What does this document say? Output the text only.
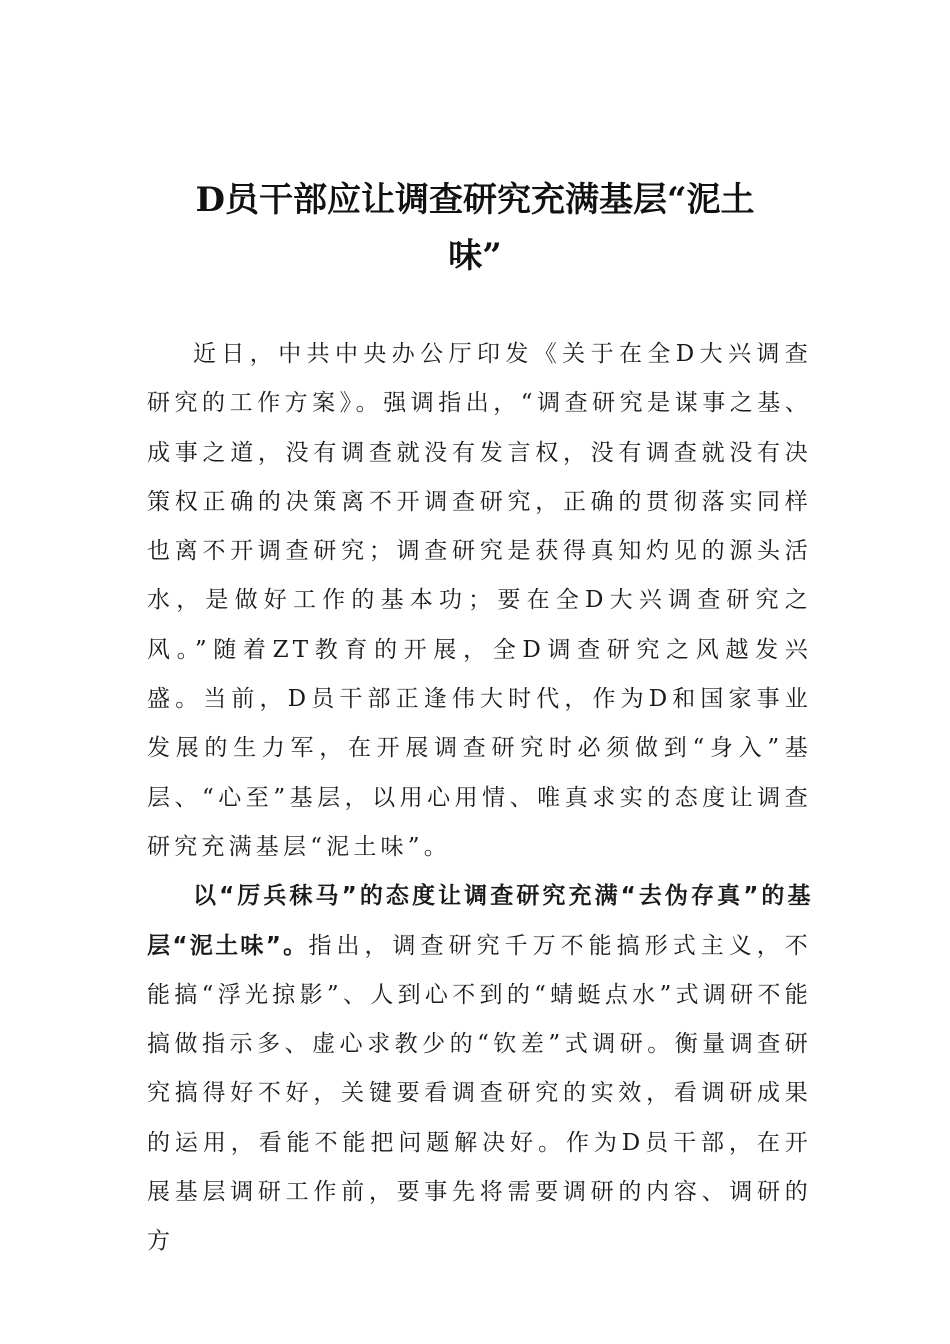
D员干部应让调查研究充满基层“泥土味”

近日，中共中央办公厅印发《关于在全D大兴调查研究的工作方案》。强调指出，“调查研究是谋事之基、成事之道，没有调查就没有发言权，没有调查就没有决策权正确的决策离不开调查研究，正确的贯彻落实同样也离不开调查研究；调查研究是获得真知灼见的源头活水，是做好工作的基本功；要在全D大兴调查研究之风。”随着ZT教育的开展，全D调查研究之风越发兴盛。当前，D员干部正逢伟大时代，作为D和国家事业发展的生力军，在开展调查研究时必须做到“身入”基层、“心至”基层，以用心用情、唯真求实的态度让调查研究充满基层“泥土味”。

以“厉兵秣马”的态度让调查研究充满“去伪存真”的基层“泥土味”。指出，调查研究千万不能搞形式主义，不能搞“浮光掠影”、人到心不到的“蜻蜓点水”式调研不能搞做指示多、虚心求教少的“钦差”式调研。衡量调查研究搞得好不好，关键要看调查研究的实效，看调研成果的运用，看能不能把问题解决好。作为D员干部，在开展基层调研工作前，要事先将需要调研的内容、调研的方
